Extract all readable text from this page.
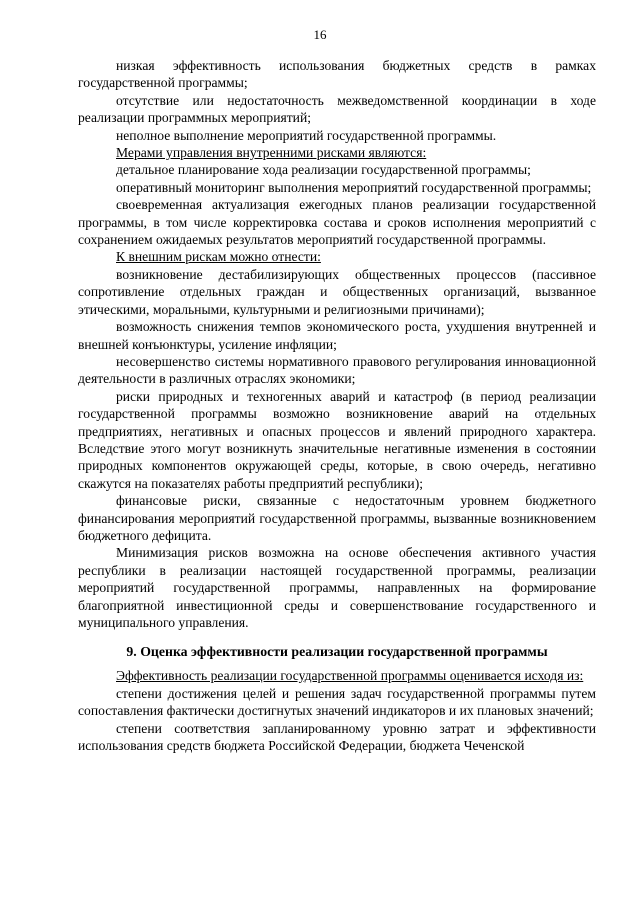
16

низкая эффективность использования бюджетных средств в рамках государственной программы;

отсутствие или недостаточность межведомственной координации в ходе реализации программных мероприятий;

неполное выполнение мероприятий государственной программы.

Мерами управления внутренними рисками являются:

детальное планирование хода реализации государственной программы;

оперативный мониторинг выполнения мероприятий государственной программы;

своевременная актуализация ежегодных планов реализации государственной программы, в том числе корректировка состава и сроков исполнения мероприятий с сохранением ожидаемых результатов мероприятий государственной программы.

К внешним рискам можно отнести:

возникновение дестабилизирующих общественных процессов (пассивное сопротивление отдельных граждан и общественных организаций, вызванное этическими, моральными, культурными и религиозными причинами);

возможность снижения темпов экономического роста, ухудшения внутренней и внешней конъюнктуры, усиление инфляции;

несовершенство системы нормативного правового регулирования инновационной деятельности в различных отраслях экономики;

риски природных и техногенных аварий и катастроф (в период реализации государственной программы возможно возникновение аварий на отдельных предприятиях, негативных и опасных процессов и явлений природного характера. Вследствие этого могут возникнуть значительные негативные изменения в состоянии природных компонентов окружающей среды, которые, в свою очередь, негативно скажутся на показателях работы предприятий республики);

финансовые риски, связанные с недостаточным уровнем бюджетного финансирования мероприятий государственной программы, вызванные возникновением бюджетного дефицита.

Минимизация рисков возможна на основе обеспечения активного участия республики в реализации настоящей государственной программы, реализации мероприятий государственной программы, направленных на формирование благоприятной инвестиционной среды и совершенствование государственного и муниципального управления.

9. Оценка эффективности реализации государственной программы

Эффективность реализации государственной программы оценивается исходя из:

степени достижения целей и решения задач государственной программы путем сопоставления фактически достигнутых значений индикаторов и их плановых значений;

степени соответствия запланированному уровню затрат и эффективности использования средств бюджета Российской Федерации, бюджета Чеченской
